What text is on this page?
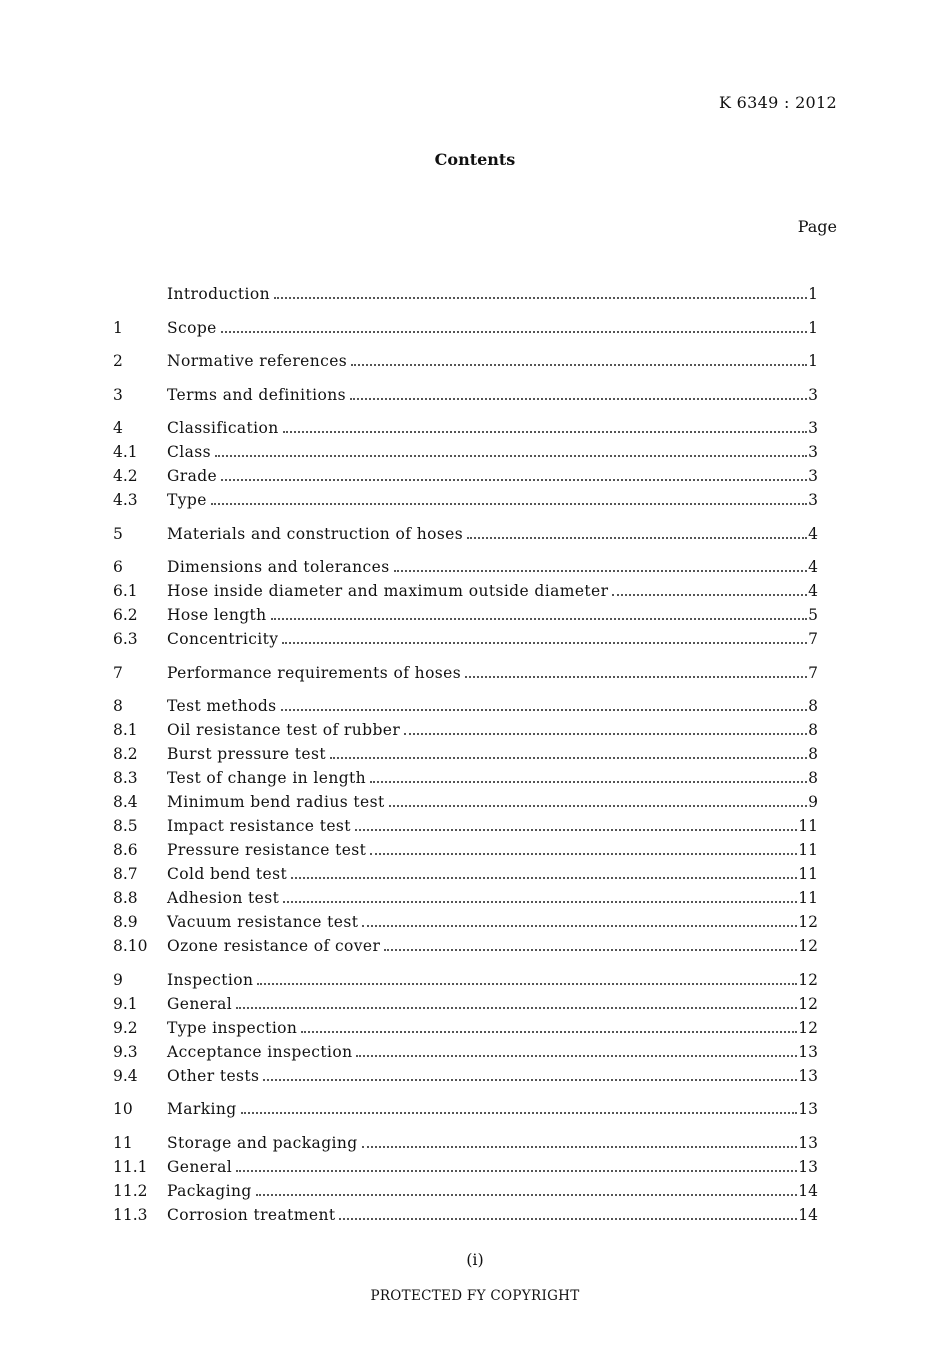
K 6349 : 2012
Contents
Page
Introduction	1
1	Scope	1
2	Normative references	1
3	Terms and definitions	3
4	Classification	3
4.1	Class	3
4.2	Grade	3
4.3	Type	3
5	Materials and construction of hoses	4
6	Dimensions and tolerances	4
6.1	Hose inside diameter and maximum outside diameter	4
6.2	Hose length	5
6.3	Concentricity	7
7	Performance requirements of hoses	7
8	Test methods	8
8.1	Oil resistance test of rubber	8
8.2	Burst pressure test	8
8.3	Test of change in length	8
8.4	Minimum bend radius test	9
8.5	Impact resistance test	11
8.6	Pressure resistance test	11
8.7	Cold bend test	11
8.8	Adhesion test	11
8.9	Vacuum resistance test	12
8.10	Ozone resistance of cover	12
9	Inspection	12
9.1	General	12
9.2	Type inspection	12
9.3	Acceptance inspection	13
9.4	Other tests	13
10	Marking	13
11	Storage and packaging	13
11.1	General	13
11.2	Packaging	14
11.3	Corrosion treatment	14
(i)
PROTECTED FY COPYRIGHT
